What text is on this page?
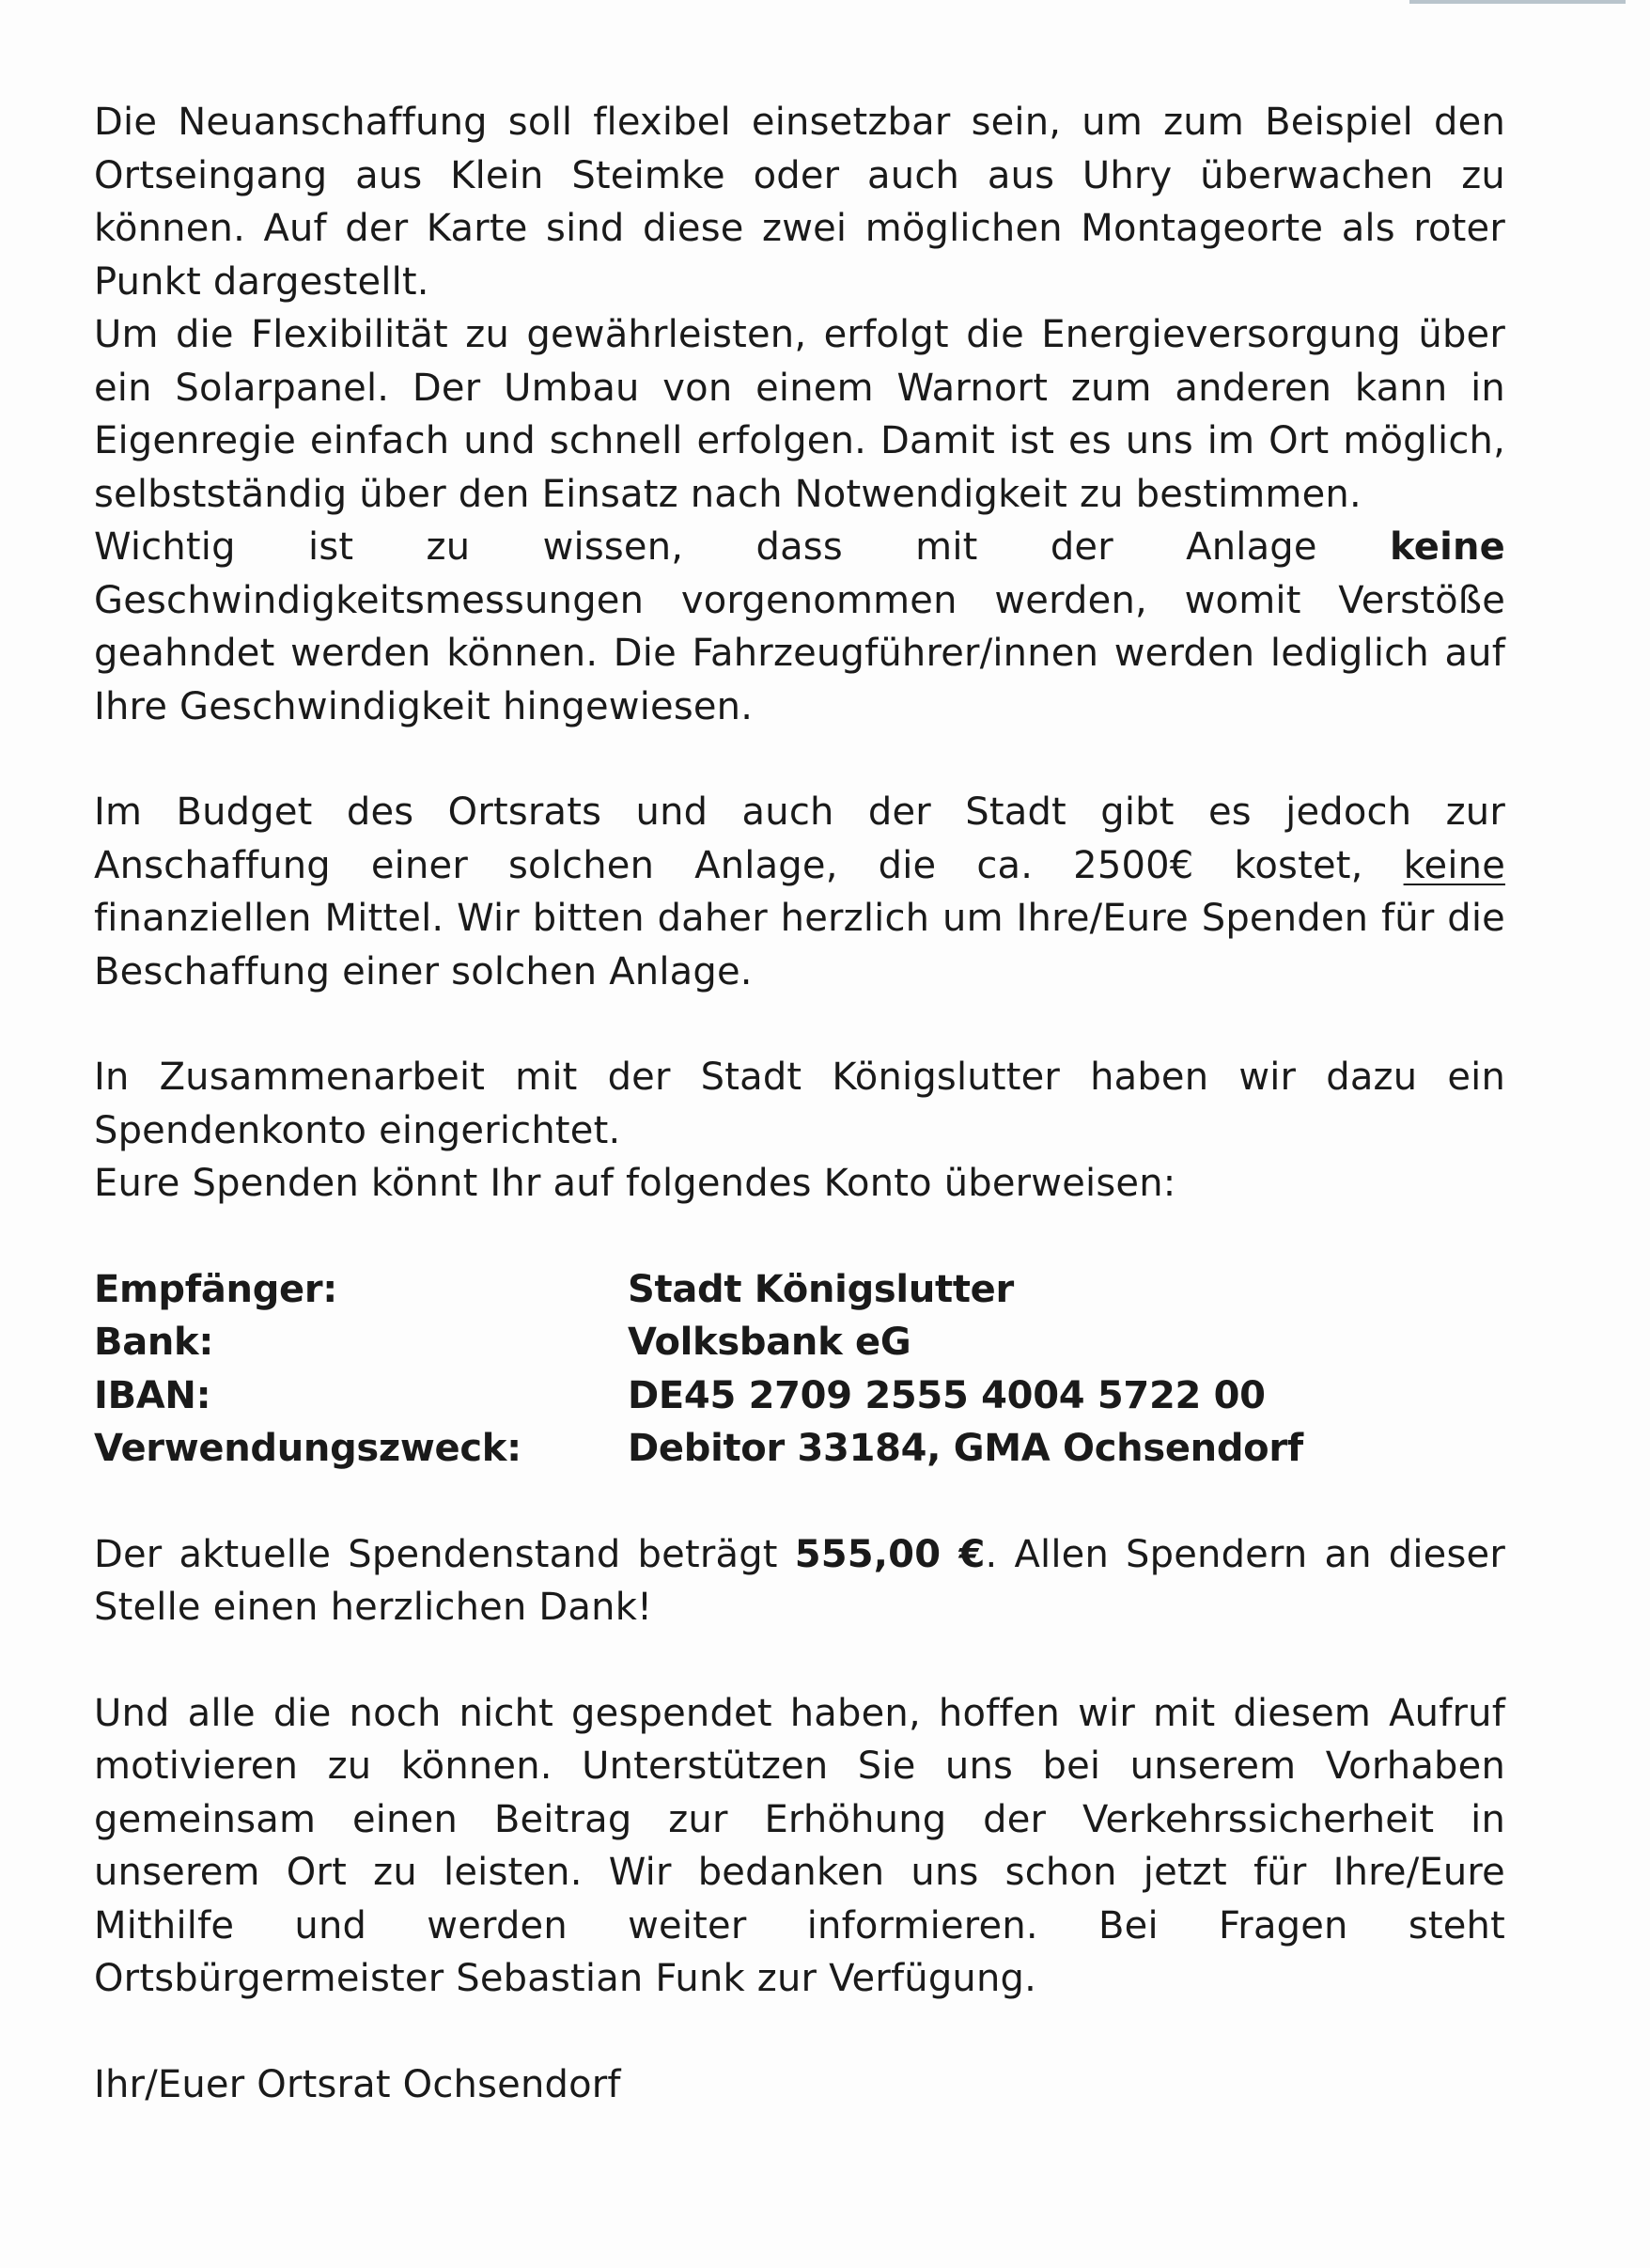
Die Neuanschaffung soll flexibel einsetzbar sein, um zum Beispiel den Ortseingang aus Klein Steimke oder auch aus Uhry überwachen zu können. Auf der Karte sind diese zwei möglichen Montageorte als roter Punkt dargestellt.

Um die Flexibilität zu gewährleisten, erfolgt die Energieversorgung über ein Solarpanel. Der Umbau von einem Warnort zum anderen kann in Eigenregie einfach und schnell erfolgen. Damit ist es uns im Ort möglich, selbstständig über den Einsatz nach Notwendigkeit zu bestimmen.

Wichtig ist zu wissen, dass mit der Anlage keine Geschwindigkeitsmessungen vorgenommen werden, womit Verstöße geahndet werden können. Die Fahrzeugführer/innen werden lediglich auf Ihre Geschwindigkeit hingewiesen.

Im Budget des Ortsrats und auch der Stadt gibt es jedoch zur Anschaffung einer solchen Anlage, die ca. 2500€ kostet, keine finanziellen Mittel. Wir bitten daher herzlich um Ihre/Eure Spenden für die Beschaffung einer solchen Anlage.

In Zusammenarbeit mit der Stadt Königslutter haben wir dazu ein Spendenkonto eingerichtet.

Eure Spenden könnt Ihr auf folgendes Konto überweisen:

Empfänger:	Stadt Königslutter
Bank:	Volksbank eG
IBAN:	DE45 2709 2555 4004 5722 00
Verwendungszweck:	Debitor 33184, GMA Ochsendorf

Der aktuelle Spendenstand beträgt 555,00 €. Allen Spendern an dieser Stelle einen herzlichen Dank!

Und alle die noch nicht gespendet haben, hoffen wir mit diesem Aufruf motivieren zu können. Unterstützen Sie uns bei unserem Vorhaben gemeinsam einen Beitrag zur Erhöhung der Verkehrssicherheit in unserem Ort zu leisten. Wir bedanken uns schon jetzt für Ihre/Eure Mithilfe und werden weiter informieren. Bei Fragen steht Ortsbürgermeister Sebastian Funk zur Verfügung.

Ihr/Euer Ortsrat Ochsendorf
